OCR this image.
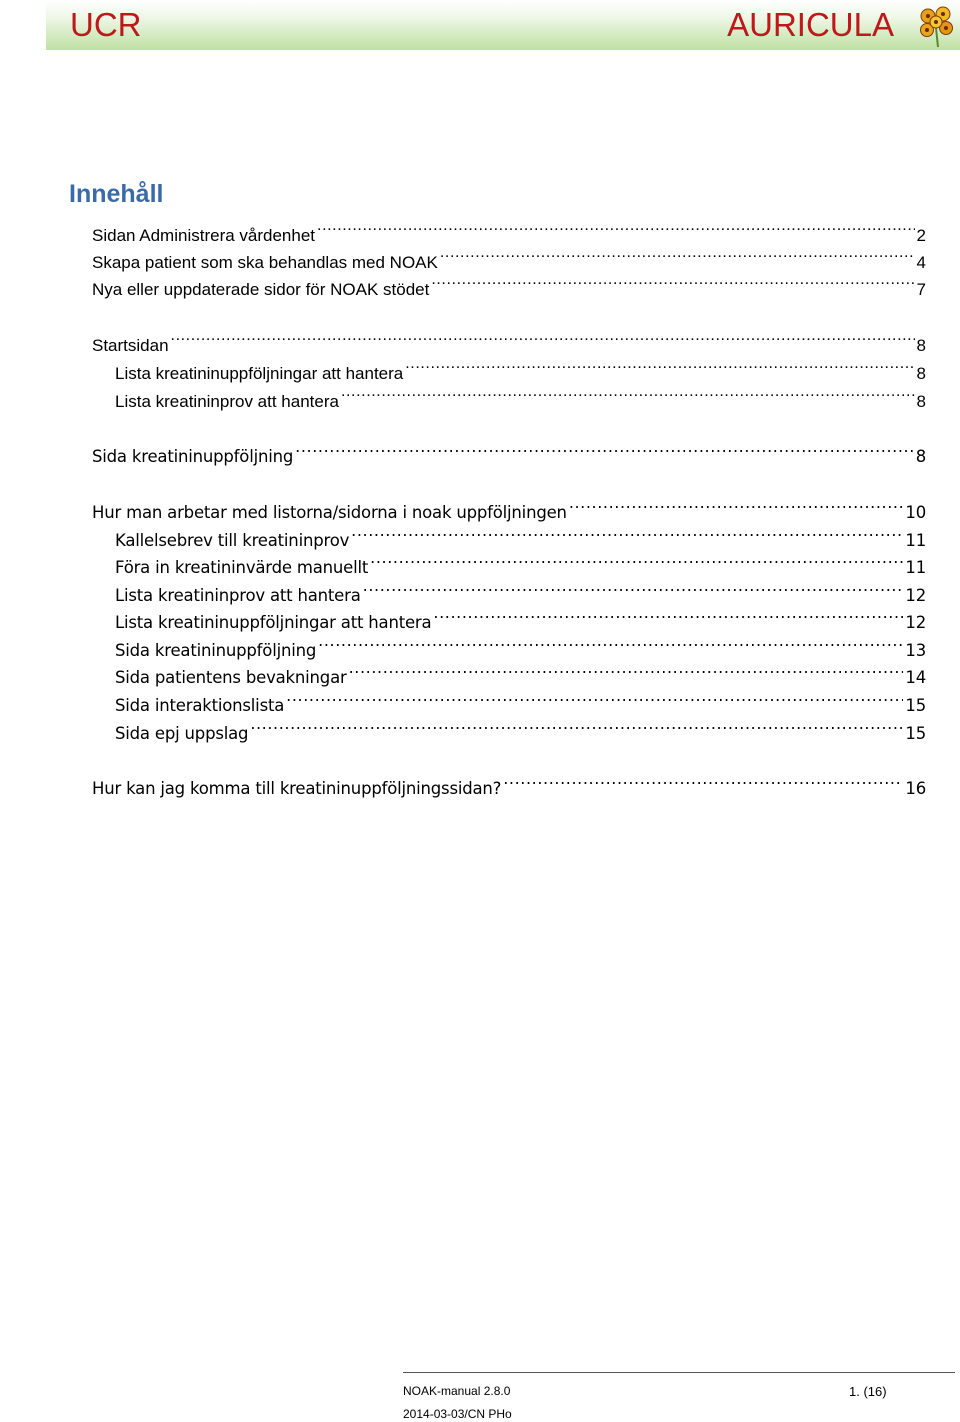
UCR	AURICULA
Innehåll
Sidan Administrera vårdenhet .....	2
Skapa patient som ska behandlas med NOAK .....	4
Nya eller uppdaterade sidor för NOAK stödet .....	7
Startsidan .....	8
Lista kreatininuppföljningar att hantera .....	8
Lista kreatininprov att hantera .....	8
Sida kreatininuppföljning .....	8
Hur man arbetar med listorna/sidorna i noak uppföljningen .....	10
Kallelsebrev till kreatininprov .....	11
Föra in kreatininvärde manuellt .....	11
Lista kreatininprov att hantera .....	12
Lista kreatininuppföljningar att hantera .....	12
Sida kreatininuppföljning .....	13
Sida patientens bevakningar .....	14
Sida interaktionslista .....	15
Sida epj uppslag .....	15
Hur kan jag komma till kreatininuppföljningssidan? .....	16
NOAK-manual 2.8.0
2014-03-03/CN PHo
1. (16)
